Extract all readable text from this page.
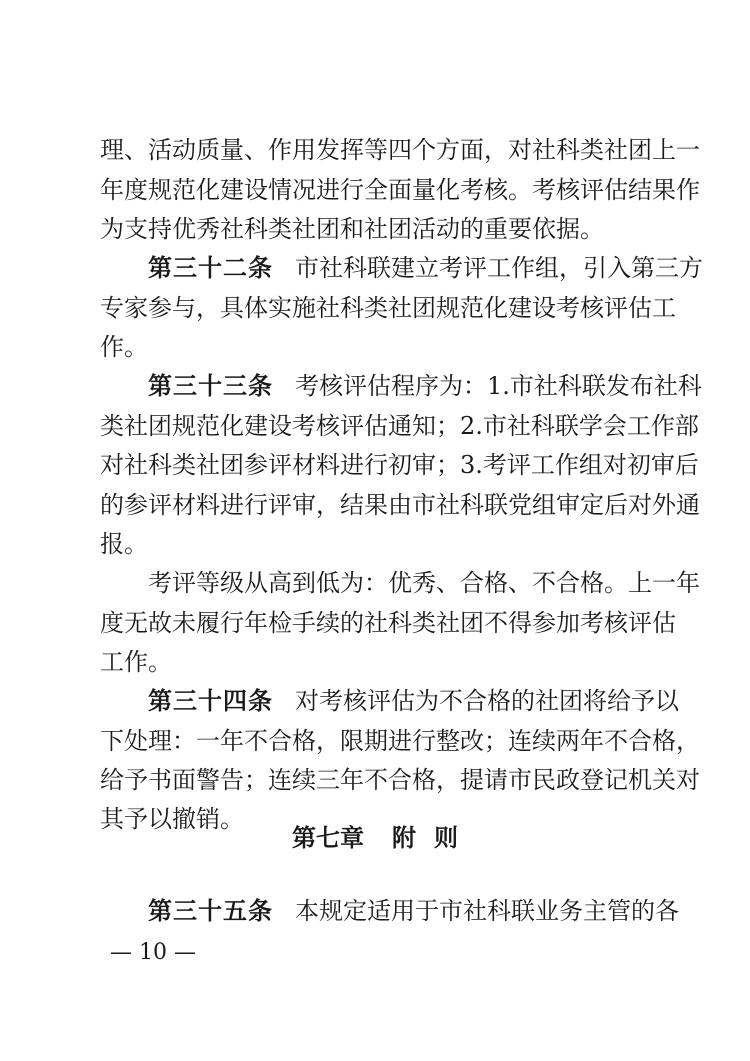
理、活动质量、作用发挥等四个方面，对社科类社团上一
年度规范化建设情况进行全面量化考核。考核评估结果作
为支持优秀社科类社团和社团活动的重要依据。
第三十二条 市社科联建立考评工作组，引入第三方
专家参与，具体实施社科类社团规范化建设考核评估工
作。
第三十三条 考核评估程序为：1.市社科联发布社科
类社团规范化建设考核评估通知；2.市社科联学会工作部
对社科类社团参评材料进行初审；3.考评工作组对初审后
的参评材料进行评审，结果由市社科联党组审定后对外通
报。
考评等级从高到低为：优秀、合格、不合格。上一年
度无故未履行年检手续的社科类社团不得参加考核评估
工作。
第三十四条 对考核评估为不合格的社团将给予以
下处理：一年不合格，限期进行整改；连续两年不合格，
给予书面警告；连续三年不合格，提请市民政登记机关对
其予以撤销。
第七章 附 则
第三十五条 本规定适用于市社科联业务主管的各
— 10 —
